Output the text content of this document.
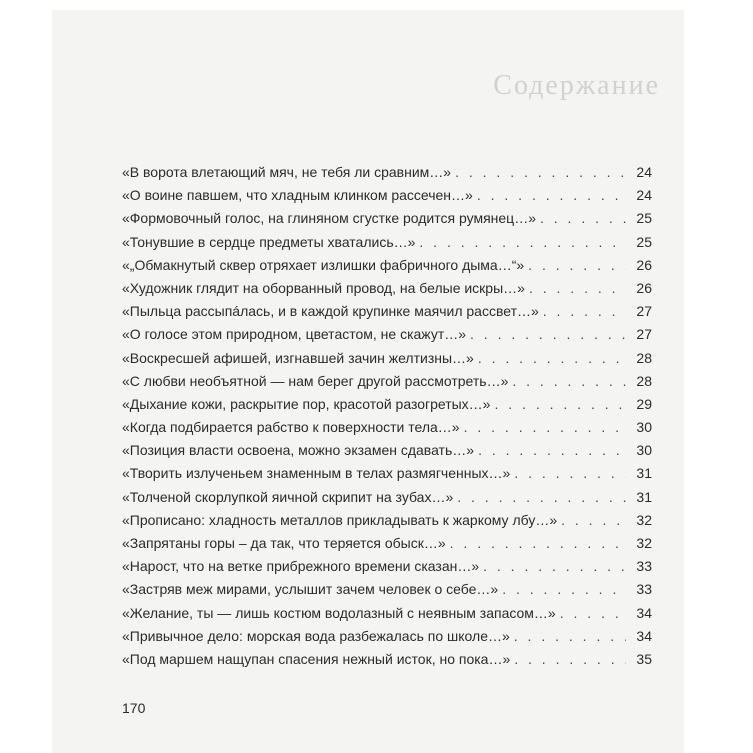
Содержание
«В ворота влетающий мяч, не тебя ли сравним…» . . .	24
«О воине павшем, что хладным клинком рассечен…» . . .	24
«Формовочный голос, на глиняном сгустке родится румянец…» . . .	25
«Тонувшие в сердце предметы хватались…» . . .	25
«„Обмакнутый сквер отряхает излишки фабричного дыма…“» . . .	26
«Художник глядит на оборванный провод, на белые искры…» . . .	26
«Пыльца рассыпáлась, и в каждой крупинке маячил рассвет…» . . .	27
«О голосе этом природном, цветастом, не скажут…» . . .	27
«Воскресшей афишей, изгнавшей зачин желтизны…» . . .	28
«С любви необъятной — нам берег другой рассмотреть…» . . .	28
«Дыхание кожи, раскрытие пор, красотой разогретых…» . . .	29
«Когда подбирается рабство к поверхности тела…» . . .	30
«Позиция власти освоена, можно экзамен сдавать…» . . .	30
«Творить излученьем знаменным в телах размягченных…» . . .	31
«Толченой скорлупкой яичной скрипит на зубах…» . . .	31
«Прописано: хладность металлов прикладывать к жаркому лбу…» . . .	32
«Запрятаны горы – да так, что теряется обыск…» . . .	32
«Нарост, что на ветке прибрежного времени сказан…» . . .	33
«Застряв меж мирами, услышит зачем человек о себе…» . . .	33
«Желание, ты — лишь костюм водолазный с неявным запасом…» . . .	34
«Привычное дело: морская вода разбежалась по школе…» . . .	34
«Под маршем нащупан спасения нежный исток, но пока…» . . .	35
170
